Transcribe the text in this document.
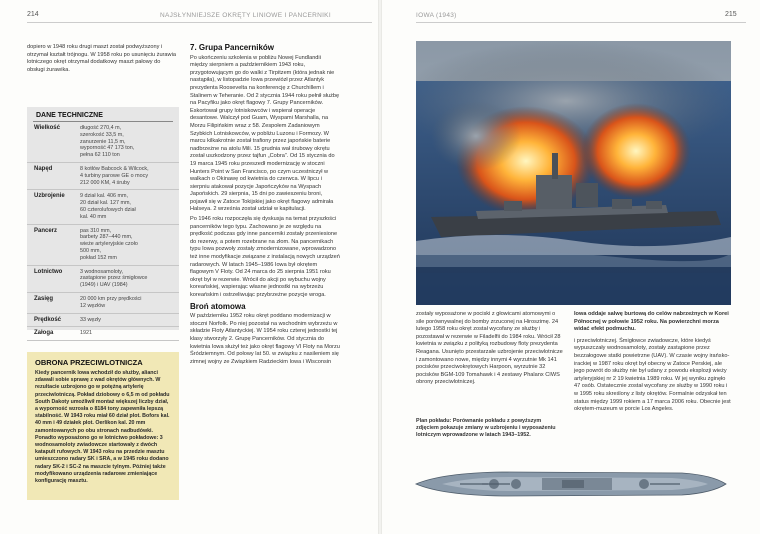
214	NAJSŁYNNIEJSZE OKRĘTY LINIOWE I PANCERNIKI
dopiero w 1948 roku drugi maszt został podwyższony i otrzymał kształt trójnogu. W 1958 roku po usunięciu żurawia lotniczego okręt otrzymał dodatkowy maszt pałowy do obsługi żurawika.
DANE TECHNICZNE
Wielkość	długość 270,4 m,
szerokość 33,5 m,
zanurzenie 11,5 m,
wyporność 47 173 ton,
pełna 62 110 ton
Napęd	8 kotłów Babcock & Wilcock,
4 turbiny parowe GE o mocy
212 000 KM, 4 śruby
Uzbrojenie	9 dział kal. 406 mm,
20 dział kal. 127 mm,
60 czterolufowych dział
kal. 40 mm
Pancerz	pas 310 mm,
barbety 287–440 mm,
wieże artyleryjskie czoło
500 mm,
pokład 152 mm
Lotnictwo	3 wodnosamoloty,
zastąpione przez śmigłowce
(1949) i UAV (1984)
Zasięg	20 000 km przy prędkości
12 węzłów
Prędkość	33 węzły
Załoga	1921
OBRONA PRZECIWLOTNICZA
Kiedy pancernik Iowa wchodził do służby, alianci zdawali sobie sprawę z wad okrętów głównych. W rezultacie uzbrojono go w potężną artylerię przeciwlotniczą. Pokład dziobowy o 6,5 m od pokładu South Dakoty umożliwił montaż większej liczby dział, a wyporność wzrosła o 8184 tony zapewniła lepszą stabilność. W 1943 roku miał 60 dział plot. Bofors kal. 40 mm i 49 działek plot. Oerlikon kal. 20 mm zamontowanych po obu stronach nadbudówki. Ponadto wyposażono go w lotnictwo pokładowe: 3 wodnosamoloty zwiadowcze startowały z dwóch katapult rufowych. W 1943 roku na przedzie masztu umieszczono radary SK i SRA, a w 1945 roku dodano radary SK-2 i SC-2 na maszcie tylnym. Później także modyfikowano urządzenia radarowe zmieniające konfigurację masztu.
7. Grupa Pancerników

Po ukończeniu szkolenia w pobliżu Nowej Fundlandii między sierpniem a październikiem 1943 roku, przygotowującym go do walki z Tirpitzem (która jednak nie nastąpiła), w listopadzie Iowa przewiózł przez Atlantyk prezydenta Roosevelta na konferencję z Churchillem i Stalinem w Teheranie. Od 2 stycznia 1944 roku pełnił służbę na Pacyfiku jako okręt flagowy 7. Grupy Pancerników. Eskortował grupy lotniskowców i wspierał operacje desantowe. Walczył pod Guam, Wyspami Marshalla, na Morzu Filipińskim wraz z 58. Zespołem Zadaniowym Szybkich Lotniskowców, w pobliżu Luzonu i Formozy. W marcu kilkakrotnie został trafiony przez japońskie baterie nadbrzeżne na atolu Mili. 15 grudnia wał śrubowy okrętu został uszkodzony przez tajfun „Cobra”. Od 15 stycznia do 19 marca 1945 roku przeszedł modernizację w stoczni Hunters Point w San Francisco, po czym uczestniczył w walkach o Okinawę od kwietnia do czerwca. W lipcu i sierpniu atakował pozycje Japończyków na Wyspach Japońskich. 29 sierpnia, 15 dni po zawieszeniu broni, pojawił się w Zatoce Tokijskiej jako okręt flagowy admirała Halseya. 2 września został udział w kapitulacji.

Po 1946 roku rozpoczęła się dyskusja na temat przyszłości pancerników tego typu. Zachowano je ze względu na prędkość podczas gdy inne pancerniki zostały przeniesione do rezerwy, a potem rozebrane na złom. Na pancernikach typu Iowa pozwoły zostały zmodernizowane, wprowadzono też inne modyfikacje związane z instalacją nowych urządzeń radarowych. W latach 1945–1986 Iowa był okrętem flagowym V Floty. Od 24 marca do 25 sierpnia 1951 roku okręt był w rezerwie. Wrócił do akcji po wybuchu wojny koreańskiej, wspierając własne jednostki na wybrzeżu koreańskim i ostrzeliwując przybrzeżne pozycje wroga.

Broń atomowa

W październiku 1952 roku okręt poddano modernizacji w stoczni Norfolk. Po niej pozostał na wschodnim wybrzeżu w składzie Floty Atlantyckiej. W 1954 roku czterej jednostki tej klasy stworzyły 2. Grupę Pancerników. Od stycznia do kwietnia Iowa służył też jako okręt flagowy VI Floty na Morzu Śródziemnym. Od połowy lat 50. w związku z nasileniem się zimnej wojny ze Związkiem Radzieckim Iowa i Wisconsin

IOWA (1943)	215

zostały wyposażone w pociski z głowicami atomowymi o sile porównywalnej do bomby zrzuconej na Hiroszimę. 24 lutego 1958 roku okręt został wycofany ze służby i pozostawał w rezerwie w Filadelfii do 1984 roku. Wrócił 28 kwietnia w związku z polityką rozbudowy floty prezydenta Reagana. Usunięto przestarzałe uzbrojenie przeciwlotnicze i zamontowano nowe, między innymi 4 wyrzutnie Mk 141 pocisków przeciwokrętowych Harpoon, wyrzutnie 32 pocisków BGM-109 Tomahawk i 4 zestawy Phalanx CIWS obrony przeciwlotniczej.

Plan pokładu: Porównanie pokładu z powyższym zdjęciem pokazuje zmiany w uzbrojeniu i wyposażeniu lotniczym wprowadzone w latach 1943–1952.

Iowa oddaje salwę burtową do celów nabrzeżnych w Korei Północnej w połowie 1952 roku. Na powierzchni morza widać efekt podmuchu.

i przeciwlotniczej. Śmigłowce zwiadowcze, które kiedyś wypuszczały wodnosamoloty, zostały zastąpione przez bezzałogowe statki powietrzne (UAV). W czasie wojny irańsko-irackiej w 1987 roku okręt był obecny w Zatoce Perskiej, ale jego powrót do służby nie był udany z powodu eksplozji wieży artyleryjskiej nr 2 19 kwietnia 1989 roku. W jej wyniku zginęło 47 osób. Ostatecznie został wycofany ze służby w 1990 roku i w 1995 roku skreślony z listy okrętów. Formalnie odzyskał ten status między 1999 rokiem a 17 marca 2006 roku. Obecnie jest okrętem-muzeum w porcie Los Angeles.
